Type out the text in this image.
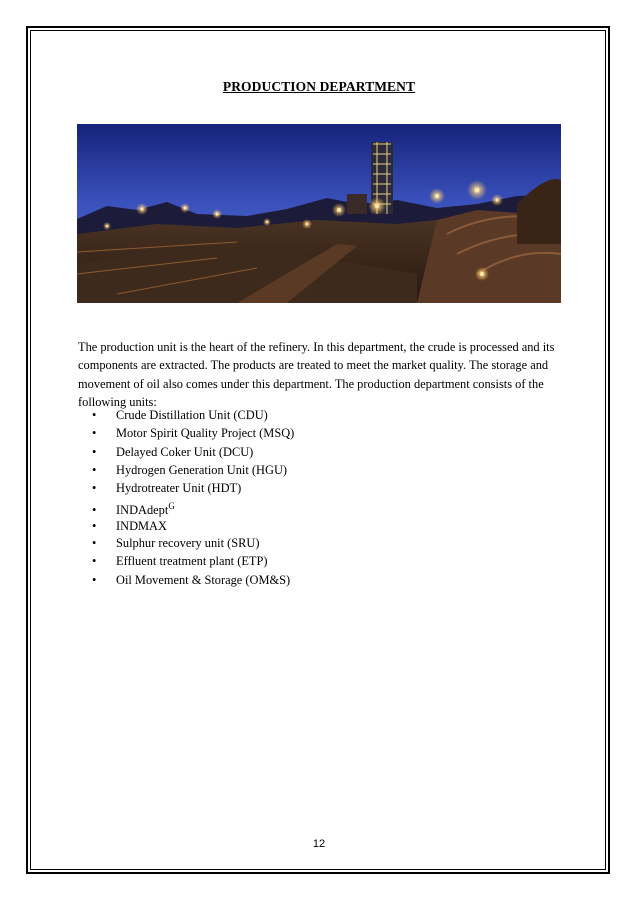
PRODUCTION DEPARTMENT

The production unit is the heart of the refinery. In this department, the crude is processed and its components are extracted. The products are treated to meet the market quality. The storage and movement of oil also comes under this department. The production department consists of the following units:

•	Crude Distillation Unit (CDU)
•	Motor Spirit Quality Project (MSQ)
•	Delayed Coker Unit (DCU)
•	Hydrogen Generation Unit (HGU)
•	Hydrotreater Unit (HDT)
•	INDAdept$^G$
•	INDMAX
•	Sulphur recovery unit (SRU)
•	Effluent treatment plant (ETP)
•	Oil Movement & Storage (OM&S)
12
